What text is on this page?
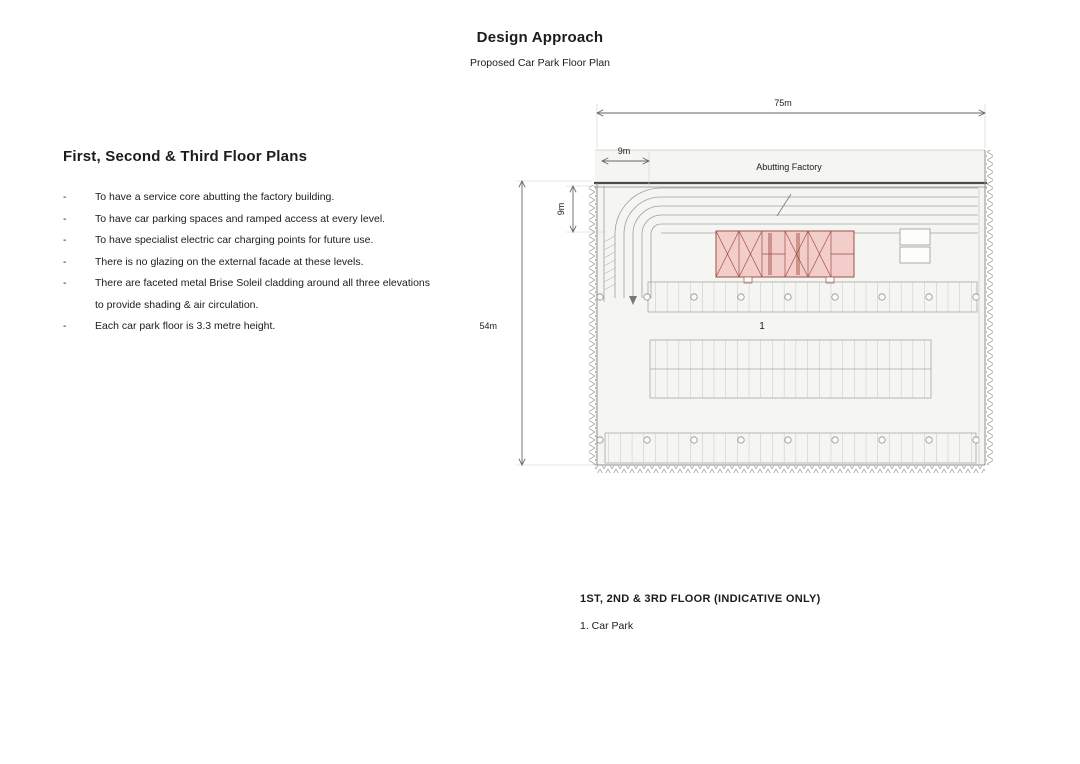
Design Approach
Proposed Car Park Floor Plan
First, Second & Third Floor Plans
-	To have a service core abutting the factory building.
-	To have car parking spaces and ramped access at every level.
-	To have specialist electric car charging points for future use.
-	There is no glazing on the external facade at these levels.
-	There are faceted metal Brise Soleil cladding around all three elevations to provide shading & air circulation.
-	Each car park floor is 3.3 metre height.
Abutting Factory
1
75m
9m
9m
54m

1ST, 2ND & 3RD FLOOR (INDICATIVE ONLY)

1. Car Park
